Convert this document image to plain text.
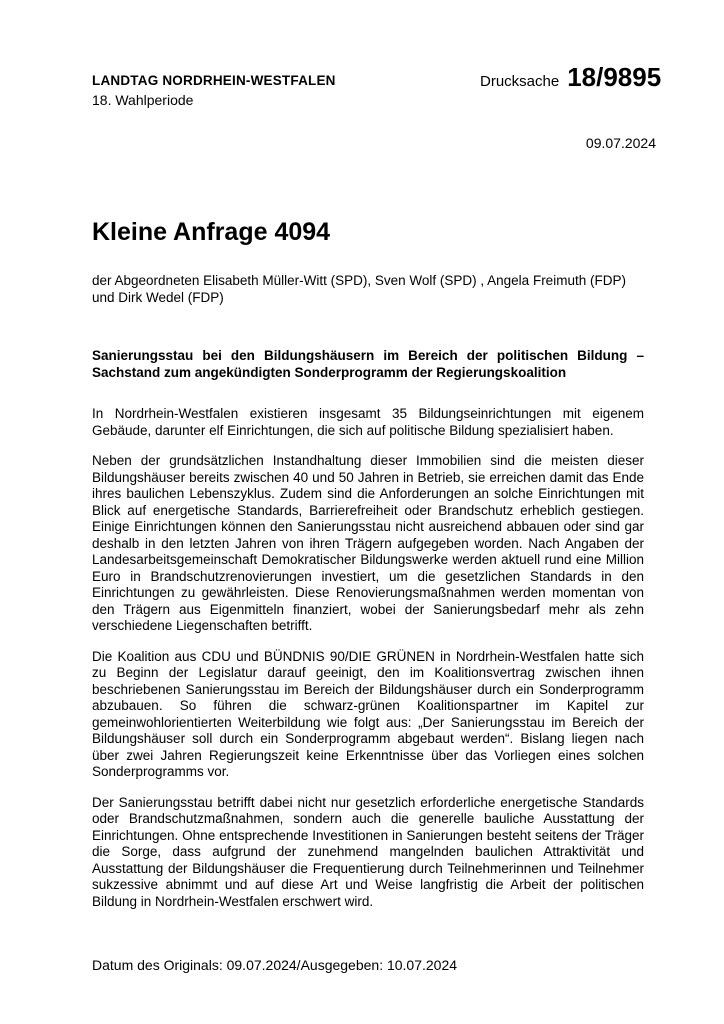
LANDTAG NORDRHEIN-WESTFALEN
18. Wahlperiode
Drucksache 18/9895
09.07.2024
Kleine Anfrage 4094
der Abgeordneten Elisabeth Müller-Witt (SPD), Sven Wolf (SPD) , Angela Freimuth (FDP) und Dirk Wedel (FDP)
Sanierungsstau bei den Bildungshäusern im Bereich der politischen Bildung – Sachstand zum angekündigten Sonderprogramm der Regierungskoalition

In Nordrhein-Westfalen existieren insgesamt 35 Bildungseinrichtungen mit eigenem Gebäude, darunter elf Einrichtungen, die sich auf politische Bildung spezialisiert haben.

Neben der grundsätzlichen Instandhaltung dieser Immobilien sind die meisten dieser Bildungshäuser bereits zwischen 40 und 50 Jahren in Betrieb, sie erreichen damit das Ende ihres baulichen Lebenszyklus. Zudem sind die Anforderungen an solche Einrichtungen mit Blick auf energetische Standards, Barrierefreiheit oder Brandschutz erheblich gestiegen. Einige Einrichtungen können den Sanierungsstau nicht ausreichend abbauen oder sind gar deshalb in den letzten Jahren von ihren Trägern aufgegeben worden. Nach Angaben der Landesarbeitsgemeinschaft Demokratischer Bildungswerke werden aktuell rund eine Million Euro in Brandschutzrenovierungen investiert, um die gesetzlichen Standards in den Einrichtungen zu gewährleisten. Diese Renovierungsmaßnahmen werden momentan von den Trägern aus Eigenmitteln finanziert, wobei der Sanierungsbedarf mehr als zehn verschiedene Liegenschaften betrifft.

Die Koalition aus CDU und BÜNDNIS 90/DIE GRÜNEN in Nordrhein-Westfalen hatte sich zu Beginn der Legislatur darauf geeinigt, den im Koalitionsvertrag zwischen ihnen beschriebenen Sanierungsstau im Bereich der Bildungshäuser durch ein Sonderprogramm abzubauen. So führen die schwarz-grünen Koalitionspartner im Kapitel zur gemeinwohlorientierten Weiterbildung wie folgt aus: „Der Sanierungsstau im Bereich der Bildungshäuser soll durch ein Sonderprogramm abgebaut werden“. Bislang liegen nach über zwei Jahren Regierungszeit keine Erkenntnisse über das Vorliegen eines solchen Sonderprogramms vor.

Der Sanierungsstau betrifft dabei nicht nur gesetzlich erforderliche energetische Standards oder Brandschutzmaßnahmen, sondern auch die generelle bauliche Ausstattung der Einrichtungen. Ohne entsprechende Investitionen in Sanierungen besteht seitens der Träger die Sorge, dass aufgrund der zunehmend mangelnden baulichen Attraktivität und Ausstattung der Bildungshäuser die Frequentierung durch Teilnehmerinnen und Teilnehmer sukzessive abnimmt und auf diese Art und Weise langfristig die Arbeit der politischen Bildung in Nordrhein-Westfalen erschwert wird.

Datum des Originals: 09.07.2024/Ausgegeben: 10.07.2024
